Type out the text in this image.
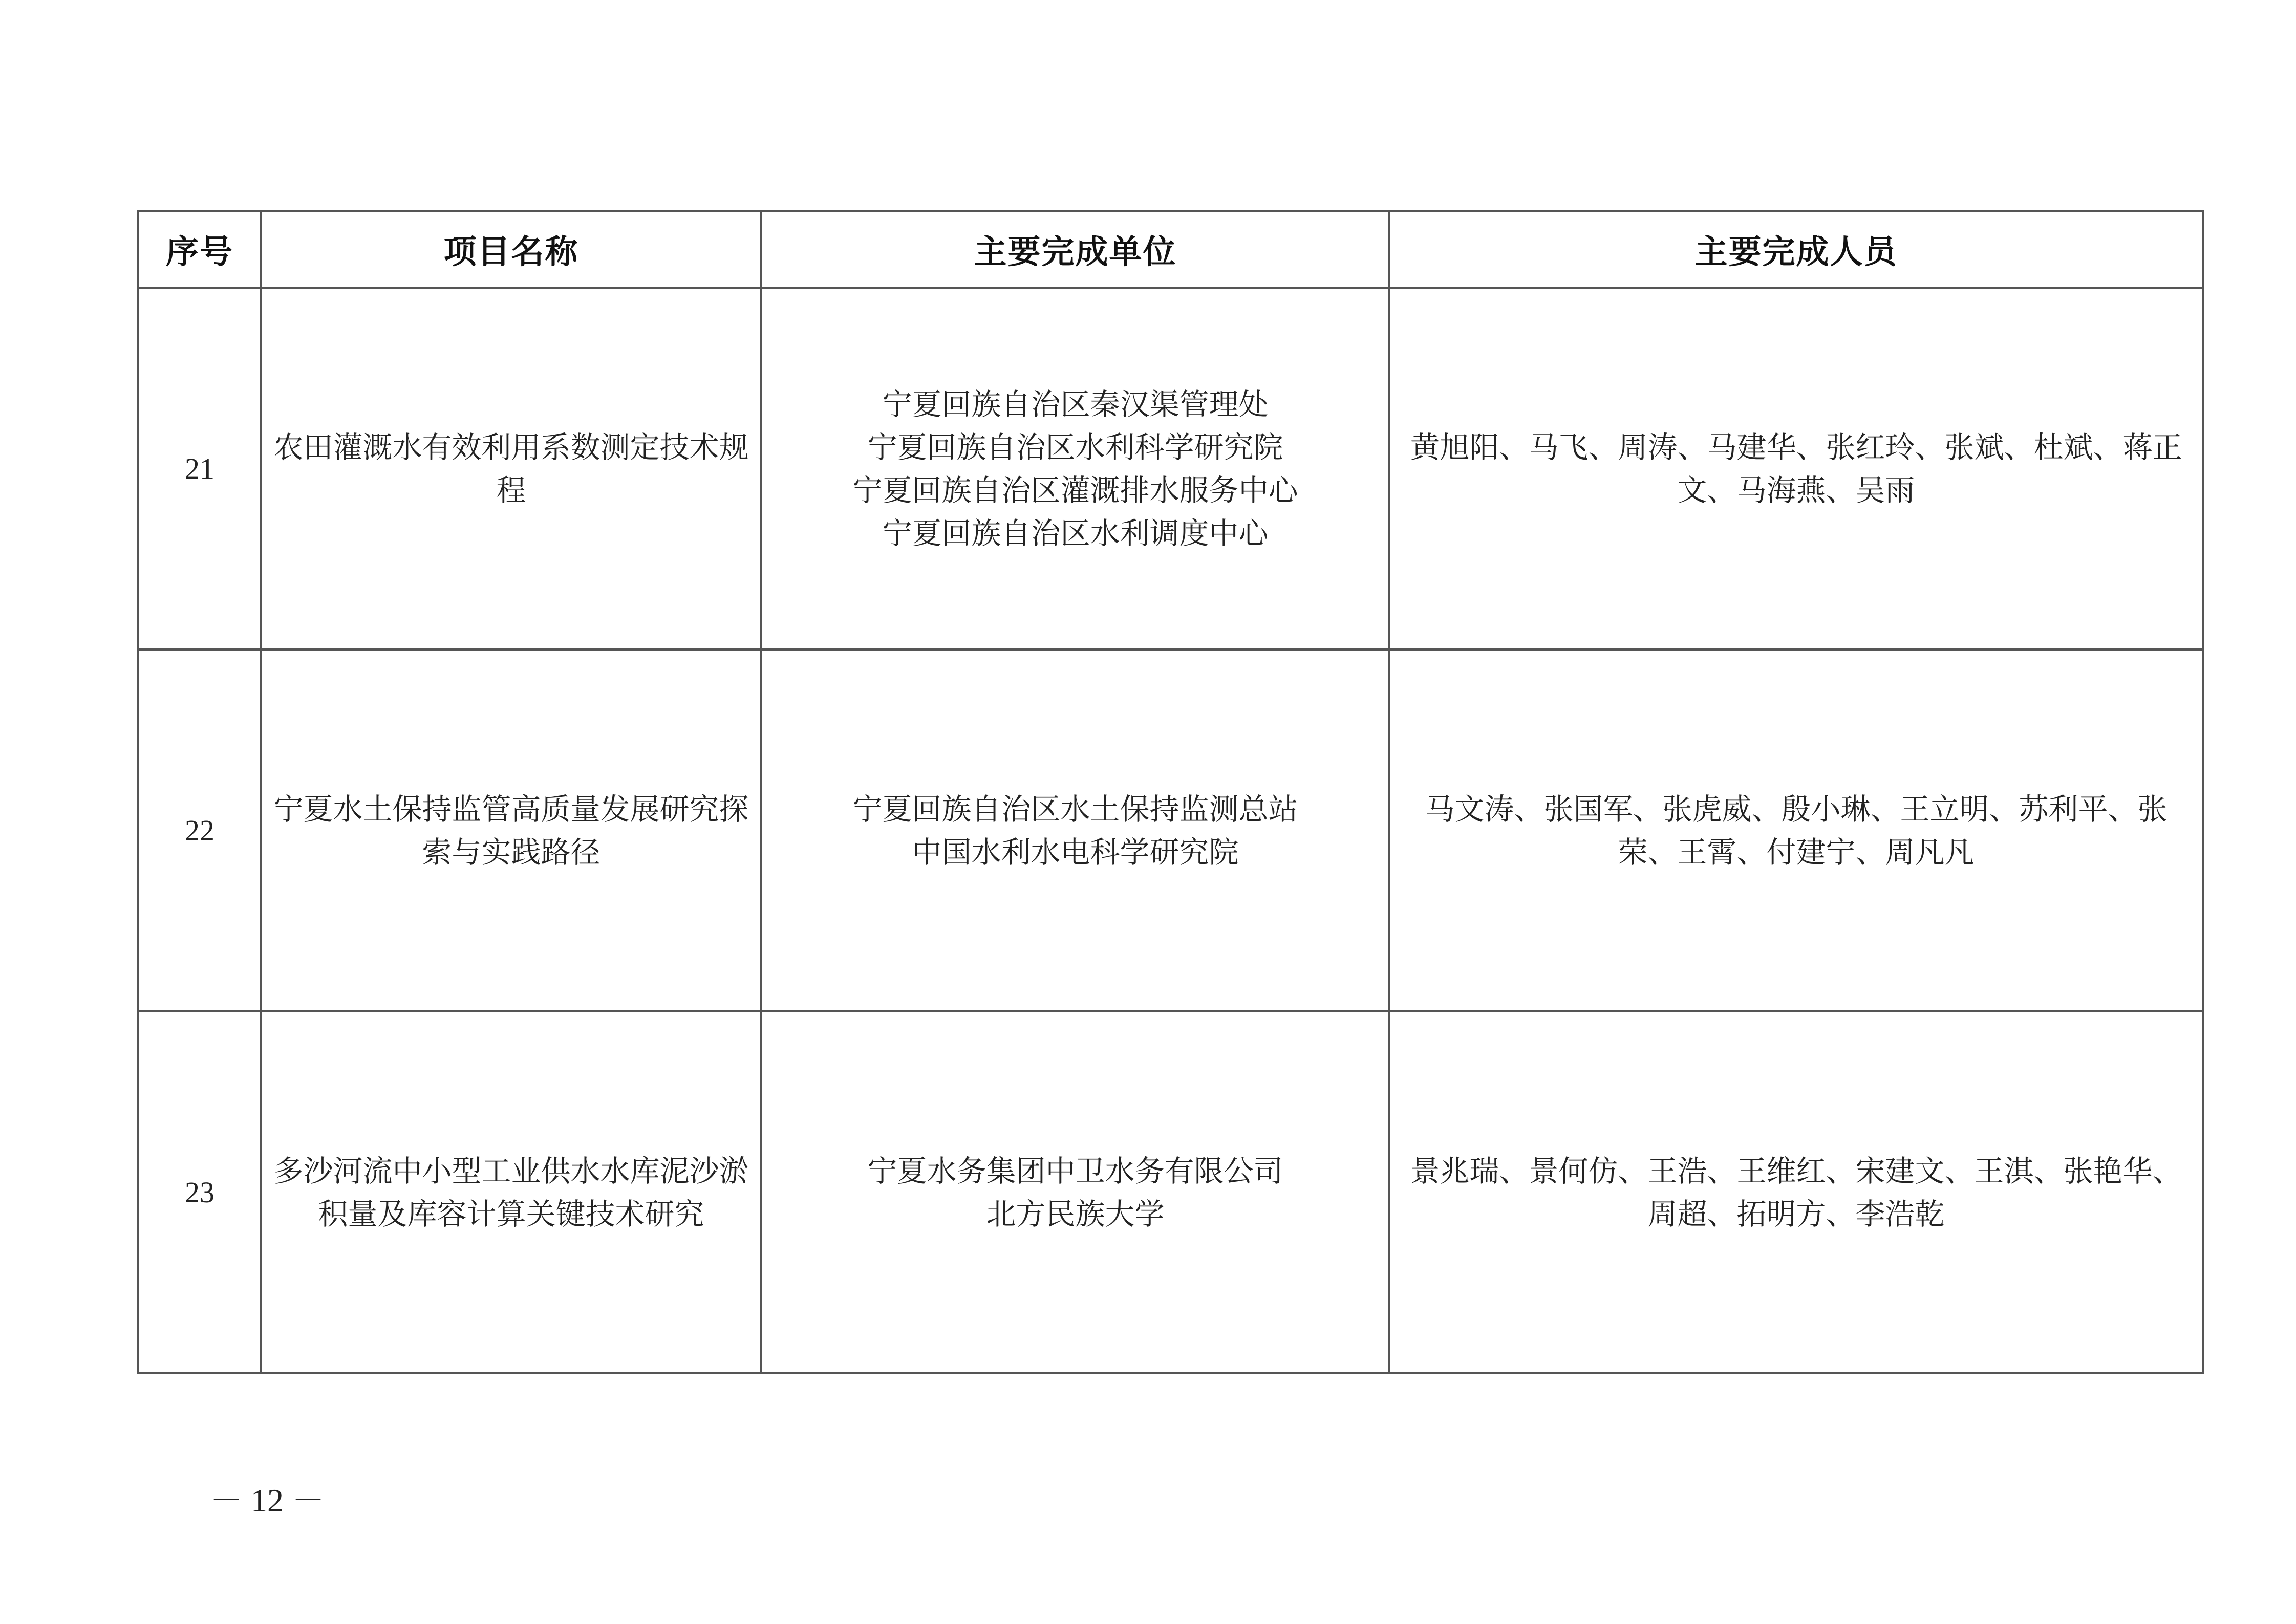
序号	项目名称	主要完成单位	主要完成人员
21	农田灌溉水有效利用系数测定技术规程	宁夏回族自治区秦汉渠管理处
宁夏回族自治区水利科学研究院
宁夏回族自治区灌溉排水服务中心
宁夏回族自治区水利调度中心	黄旭阳、马飞、周涛、马建华、张红玲、张斌、杜斌、蒋正文、马海燕、吴雨

22	宁夏水土保持监管高质量发展研究探索与实践路径	宁夏回族自治区水土保持监测总站
中国水利水电科学研究院	马文涛、张国军、张虎威、殷小琳、王立明、苏利平、张荣、王霄、付建宁、周凡凡

23	多沙河流中小型工业供水水库泥沙淤积量及库容计算关键技术研究	宁夏水务集团中卫水务有限公司
北方民族大学	景兆瑞、景何仿、王浩、王维红、宋建文、王淇、张艳华、周超、拓明方、李浩乾
－ 12 －
